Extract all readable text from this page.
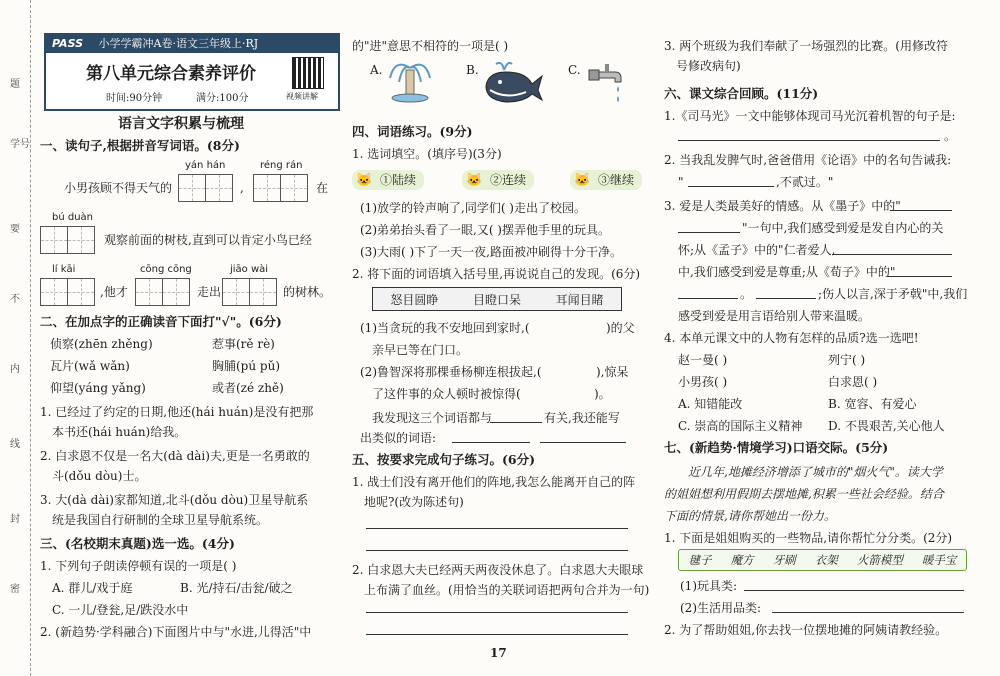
题
学号
要
不
内
线
封
密
PASS 小学学霸冲A卷·语文三年级上·RJ
第八单元综合素养评价
时间:90分钟	满分:100分	视频讲解
语言文字积累与梳理
一、读句子,根据拼音写词语。(8分)
yán hán	réng rán
小男孩顾不得天气的	,	在
bú duàn
观察前面的树枝,直到可以肯定小鸟已经
lí kāi	cōng cōng	jiāo wài
,他才	走出	的树林。
二、在加点字的正确读音下面打"√"。(6分)
侦察(zhēn zhěng)	惹事(rě rè)
瓦片(wǎ wǎn)	胸脯(pú pǔ)
仰望(yáng yǎng)	或者(zé zhě)
1. 已经过了约定的日期,他还(hái huán)是没有把那
本书还(hái huán)给我。
2. 白求恩不仅是一名大(dà dài)夫,更是一名勇敢的
斗(dǒu dòu)士。
3. 大(dà dài)家都知道,北斗(dǒu dòu)卫星导航系
统是我国自行研制的全球卫星导航系统。
三、(名校期末真题)选一选。(4分)
1. 下列句子朗读停顿有误的一项是( )
A. 群儿/戏于庭	B. 光/持石/击瓮/破之
C. 一儿/登瓮,足/跌没水中
2. (新趋势·学科融合)下面图片中与"水进,儿得活"中
的"进"意思不相符的一项是( )
A.	B.	C.
四、词语练习。(9分)
1. 选词填空。(填序号)(3分)
🐱 ①陆续	🐱 ②连续	🐱 ③继续
(1)放学的铃声响了,同学们( )走出了校园。
(2)弟弟抬头看了一眼,又( )摆弄他手里的玩具。
(3)大雨( )下了一天一夜,路面被冲刷得十分干净。
2. 将下面的词语填入括号里,再说说自己的发现。(6分)
怒目圆睁	目瞪口呆	耳闻目睹
(1)当贪玩的我不安地回到家时,(	)的父
亲早已等在门口。
(2)鲁智深将那棵垂杨柳连根拔起,(	),惊呆
了这件事的众人顿时被惊得(	)。
我发现这三个词语都与	有关,我还能写
出类似的词语:
五、按要求完成句子练习。(6分)
1. 战士们没有离开他们的阵地,我怎么能离开自己的阵
地呢?(改为陈述句)
2. 白求恩大夫已经两天两夜没休息了。白求恩大夫眼球
上布满了血丝。(用恰当的关联词语把两句合并为一句)
17
3. 两个班级为我们奉献了一场强烈的比赛。(用修改符
号修改病句)
六、课文综合回顾。(11分)
1.《司马光》一文中能够体现司马光沉着机智的句子是:
。
2. 当我乱发脾气时,爸爸借用《论语》中的名句告诫我:
"	,不贰过。"
3. 爱是人类最美好的情感。从《墨子》中的"
"一句中,我们感受到爱是发自内心的关
怀;从《孟子》中的"仁者爱人,
中,我们感受到爱是尊重;从《荀子》中的"
。	;伤人以言,深于矛戟"中,我们
感受到爱是用言语给别人带来温暖。
4. 本单元课文中的人物有怎样的品质?选一选吧!
赵一曼( )	列宁( )
小男孩( )	白求恩( )
A. 知错能改	B. 宽容、有爱心
C. 崇高的国际主义精神 D. 不畏艰苦,关心他人
七、(新趋势·情境学习)口语交际。(5分)
近几年,地摊经济增添了城市的"烟火气"。读大学
的姐姐想利用假期去摆地摊,积累一些社会经验。结合
下面的情景,请你帮她出一份力。
1. 下面是姐姐购买的一些物品,请你帮忙分分类。(2分)
毽子 魔方 牙刷 衣架 火箭模型 暖手宝
(1)玩具类:
(2)生活用品类:
2. 为了帮助姐姐,你去找一位摆地摊的阿姨请教经验。
